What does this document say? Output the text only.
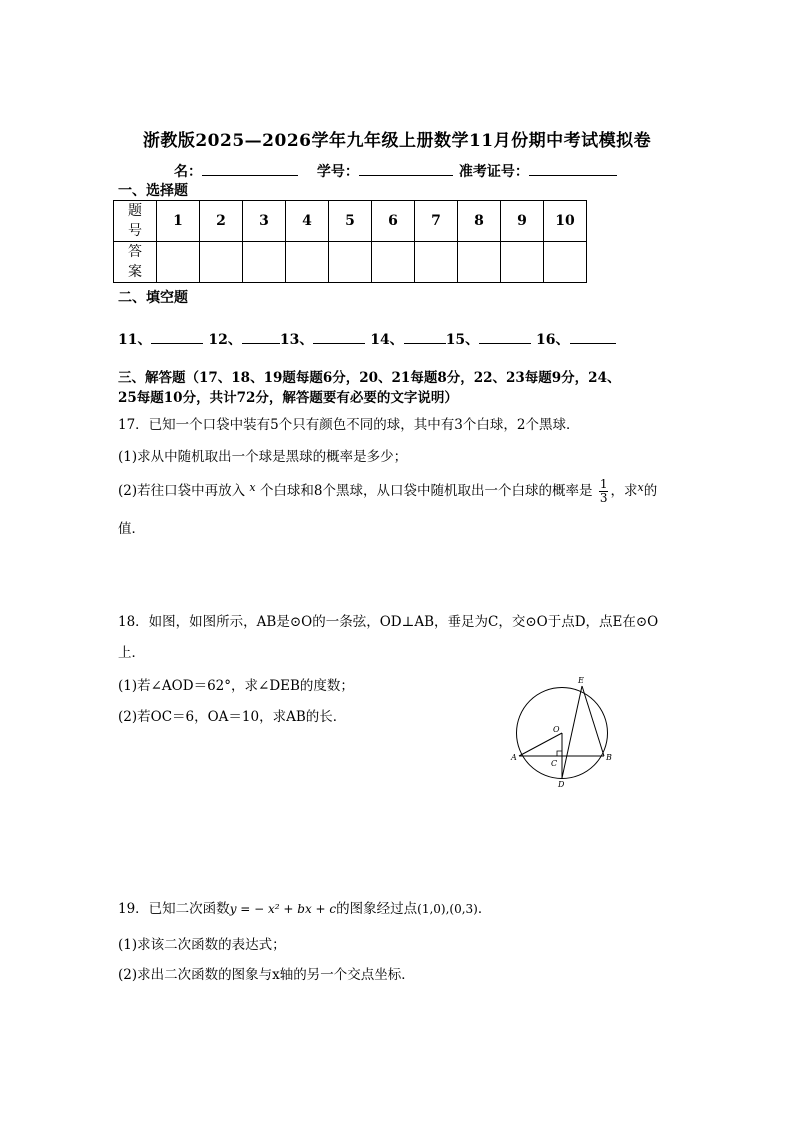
浙教版2025—2026学年九年级上册数学11月份期中考试模拟卷
名：	学号：	准考证号：
一、选择题
题号	1	2	3	4	5	6	7	8	9	10
答案										
二、填空题
11、	12、	13、	14、	15、	16、
三、解答题（17、18、19题每题6分，20、21每题8分，22、23每题9分，24、
25每题10分，共计72分，解答题要有必要的文字说明）
17．已知一个口袋中装有5个只有颜色不同的球，其中有3个白球，2个黑球．
(1)求从中随机取出一个球是黑球的概率是多少；
(2)若往口袋中再放入 $^x$ 个白球和8个黑球，从口袋中随机取出一个白球的概率是 $\frac{1}{3}$ ，求$^x$的
值．
18．如图，如图所示，AB是⊙O的一条弦，OD⊥AB，垂足为C，交⊙O于点D，点E在⊙O
上．
(1)若∠AOD＝62°，求∠DEB的度数；
(2)若OC＝6，OA＝10，求AB的长．
E
O
A
C
B
D
19．已知二次函数y = − x² + bx + c的图象经过点(1,0),(0,3)．
(1)求该二次函数的表达式；
(2)求出二次函数的图象与x轴的另一个交点坐标．
